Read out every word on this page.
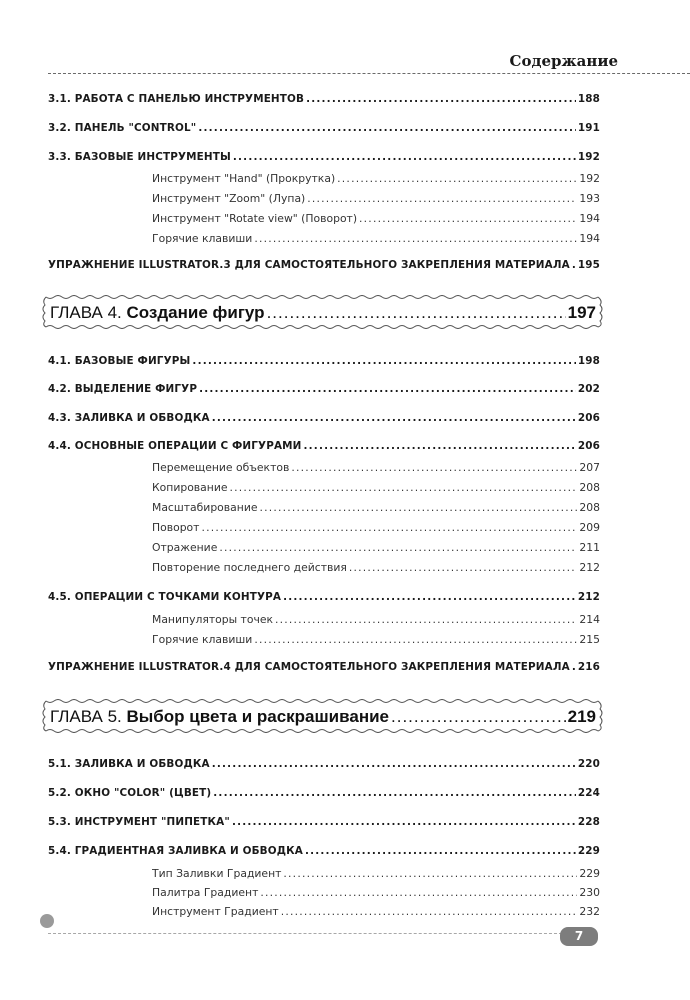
Содержание
3.1. РАБОТА С ПАНЕЛЬЮ ИНСТРУМЕНТОВ .....	188
3.2. ПАНЕЛЬ "CONTROL" .....	191
3.3. БАЗОВЫЕ ИНСТРУМЕНТЫ .....	192
Инструмент "Hand" (Прокрутка) .....	192
Инструмент "Zoom" (Лупа) .....	193
Инструмент "Rotate view" (Поворот) .....	194
Горячие клавиши .....	194
УПРАЖНЕНИЕ ILLUSTRATOR.3 ДЛЯ САМОСТОЯТЕЛЬНОГО ЗАКРЕПЛЕНИЯ МАТЕРИАЛА ..... 195
ГЛАВА 4.
Создание фигур .....	197
4.1. БАЗОВЫЕ ФИГУРЫ .....	198
4.2. ВЫДЕЛЕНИЕ ФИГУР .....	202
4.3. ЗАЛИВКА И ОБВОДКА .....	206
4.4. ОСНОВНЫЕ ОПЕРАЦИИ С ФИГУРАМИ .....	206
Перемещение объектов .....	207
Копирование .....	208
Масштабирование .....	208
Поворот .....	209
Отражение .....	211
Повторение последнего действия .....	212
4.5. ОПЕРАЦИИ С ТОЧКАМИ КОНТУРА .....	212
Манипуляторы точек .....	214
Горячие клавиши .....	215
УПРАЖНЕНИЕ ILLUSTRATOR.4 ДЛЯ САМОСТОЯТЕЛЬНОГО ЗАКРЕПЛЕНИЯ МАТЕРИАЛА ..... 216
ГЛАВА 5.
Выбор цвета и раскрашивание .....	219
5.1. ЗАЛИВКА И ОБВОДКА .....	220
5.2. ОКНО "COLOR" (ЦВЕТ) .....	224
5.3. ИНСТРУМЕНТ "ПИПЕТКА" .....	228
5.4. ГРАДИЕНТНАЯ ЗАЛИВКА И ОБВОДКА .....	229
Тип Заливки Градиент .....	229
Палитра Градиент .....	230
Инструмент Градиент .....	232
7
